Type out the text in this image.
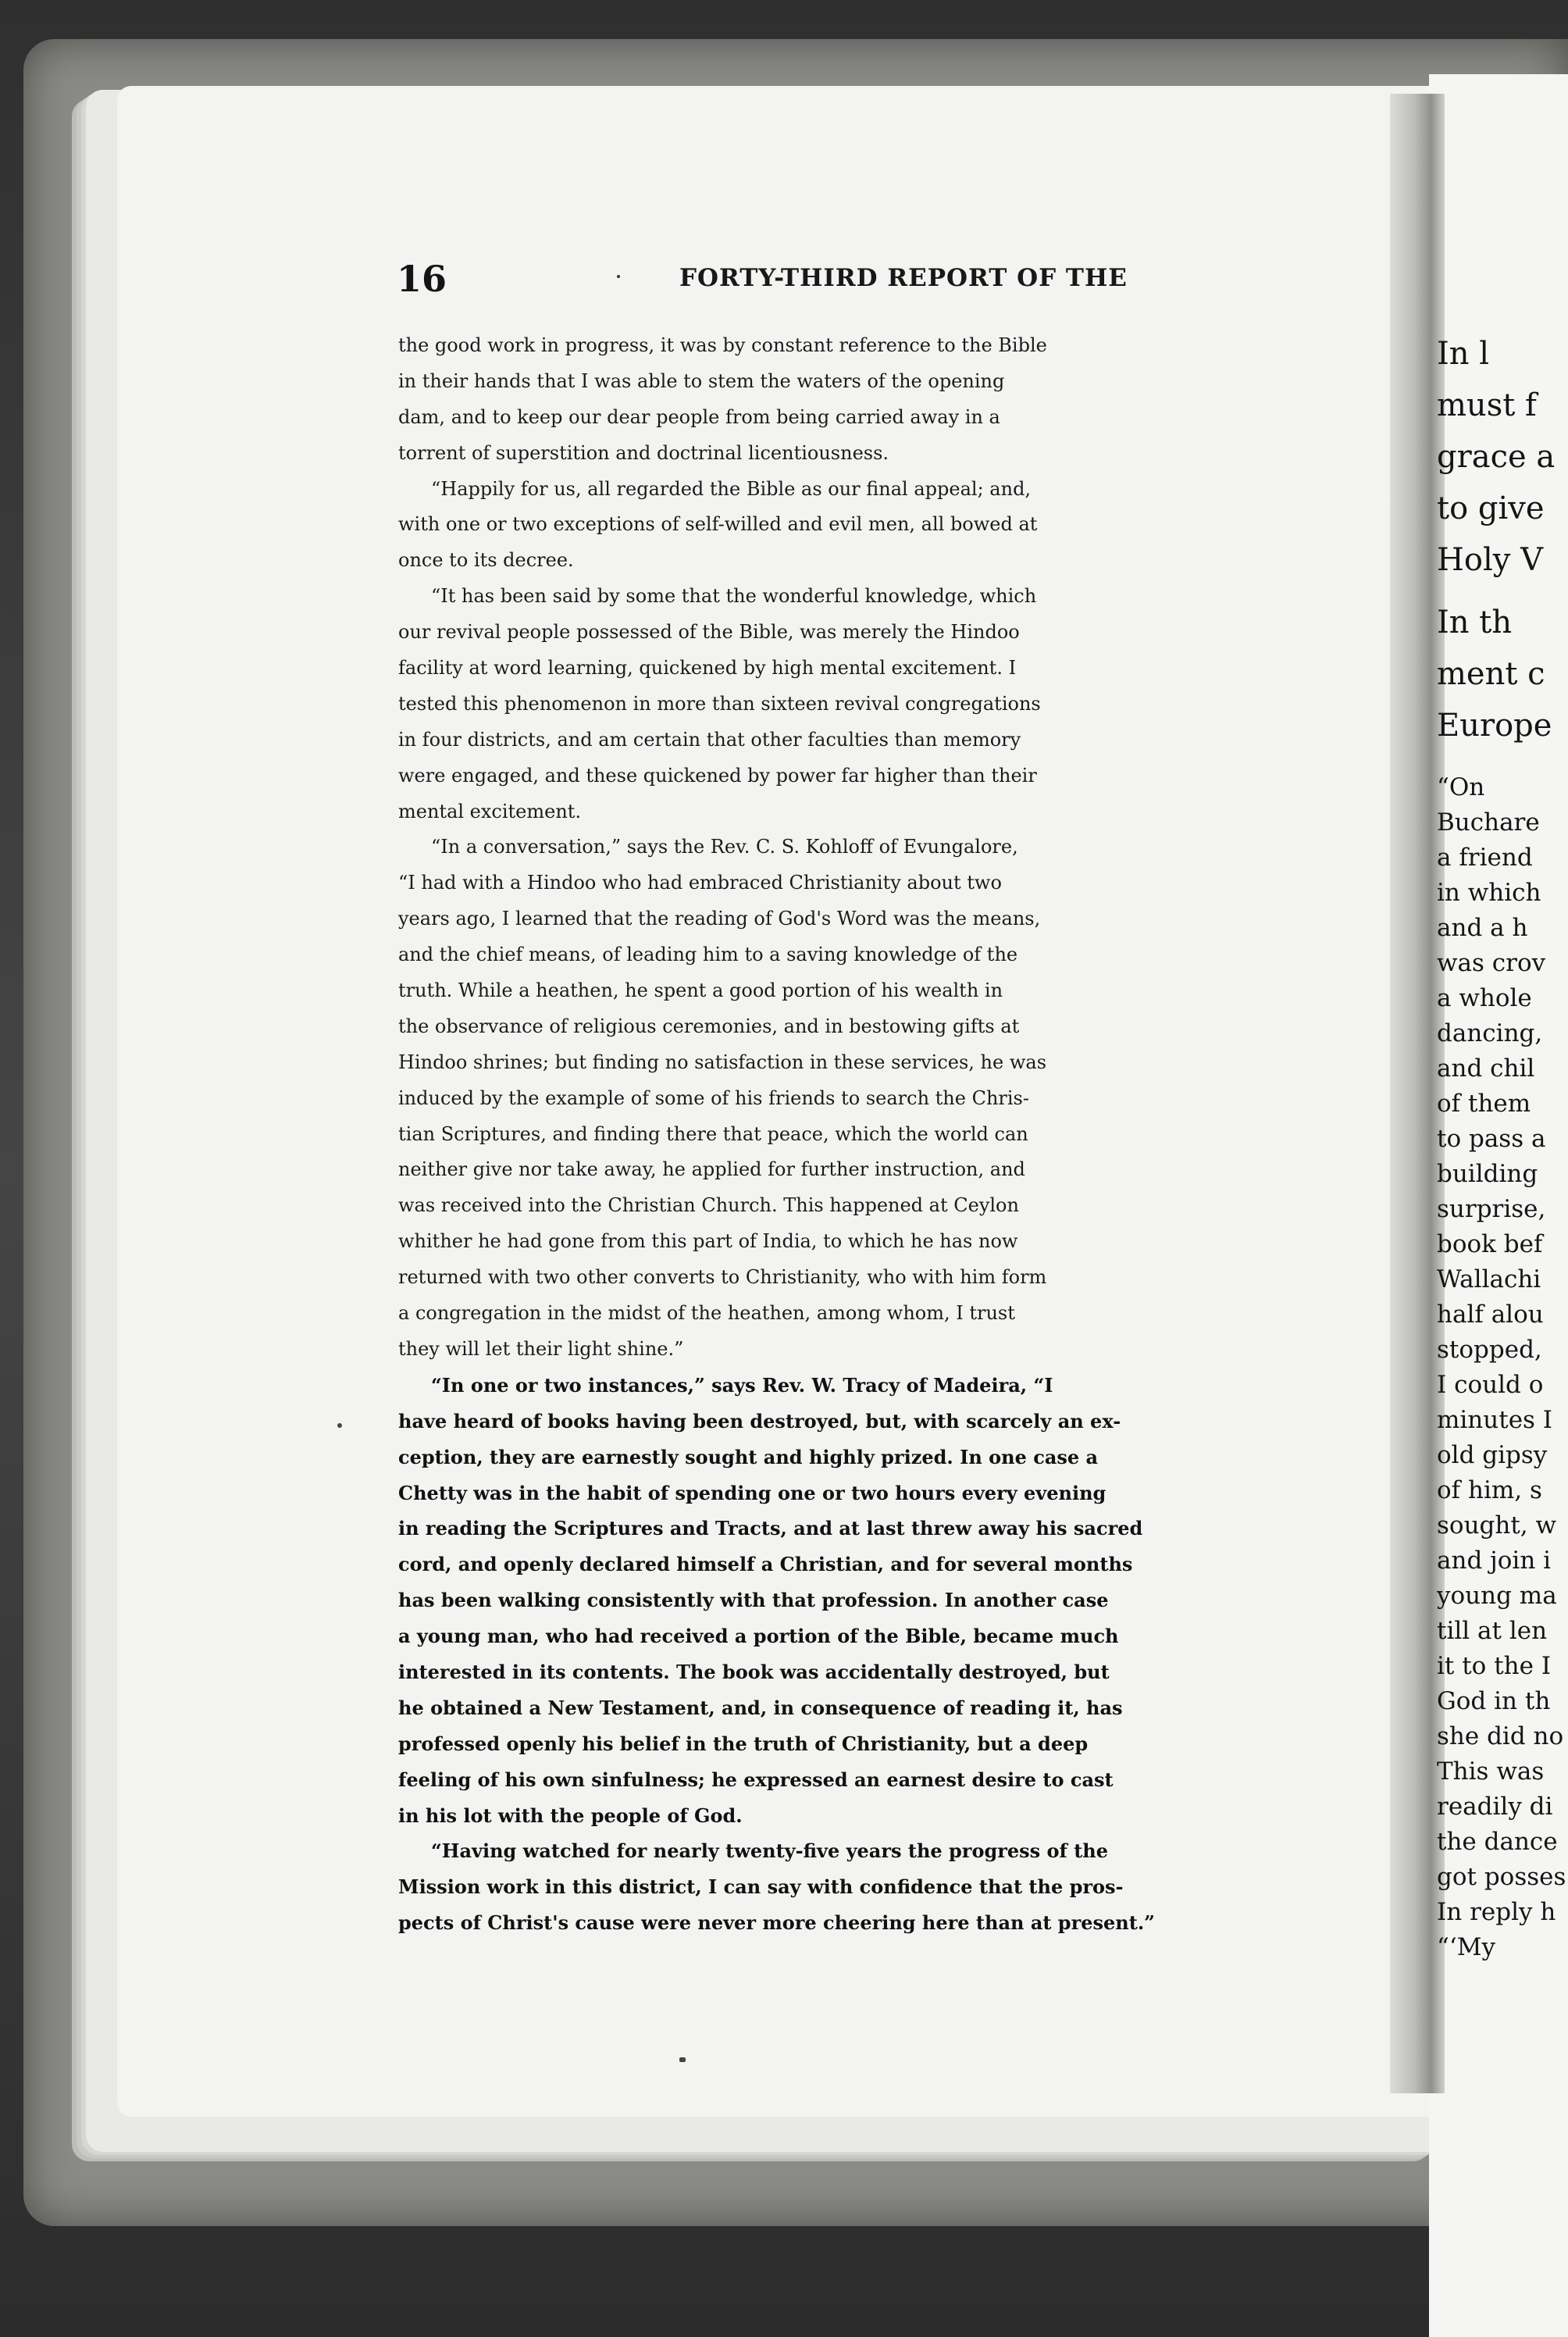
16	FORTY-THIRD REPORT OF THE
the good work in progress, it was by constant reference to the Bible
in their hands that I was able to stem the waters of the opening
dam, and to keep our dear people from being carried away in a
torrent of superstition and doctrinal licentiousness.
“Happily for us, all regarded the Bible as our final appeal; and,
with one or two exceptions of self-willed and evil men, all bowed at
once to its decree.
“It has been said by some that the wonderful knowledge, which
our revival people possessed of the Bible, was merely the Hindoo
facility at word learning, quickened by high mental excitement. I
tested this phenomenon in more than sixteen revival congregations
in four districts, and am certain that other faculties than memory
were engaged, and these quickened by power far higher than their
mental excitement.
“In a conversation,” says the Rev. C. S. Kohloff of Evungalore,
“I had with a Hindoo who had embraced Christianity about two
years ago, I learned that the reading of God's Word was the means,
and the chief means, of leading him to a saving knowledge of the
truth. While a heathen, he spent a good portion of his wealth in
the observance of religious ceremonies, and in bestowing gifts at
Hindoo shrines; but finding no satisfaction in these services, he was
induced by the example of some of his friends to search the Chris-
tian Scriptures, and finding there that peace, which the world can
neither give nor take away, he applied for further instruction, and
was received into the Christian Church. This happened at Ceylon
whither he had gone from this part of India, to which he has now
returned with two other converts to Christianity, who with him form
a congregation in the midst of the heathen, among whom, I trust
they will let their light shine.”
“In one or two instances,” says Rev. W. Tracy of Madeira, “I
have heard of books having been destroyed, but, with scarcely an ex-
ception, they are earnestly sought and highly prized. In one case a
Chetty was in the habit of spending one or two hours every evening
in reading the Scriptures and Tracts, and at last threw away his sacred
cord, and openly declared himself a Christian, and for several months
has been walking consistently with that profession. In another case
a young man, who had received a portion of the Bible, became much
interested in its contents. The book was accidentally destroyed, but
he obtained a New Testament, and, in consequence of reading it, has
professed openly his belief in the truth of Christianity, but a deep
feeling of his own sinfulness; he expressed an earnest desire to cast
in his lot with the people of God.
“Having watched for nearly twenty-five years the progress of the
Mission work in this district, I can say with confidence that the pros-
pects of Christ's cause were never more cheering here than at present.”
In l
must f
grace a
to give
Holy V
In th
ment c
Europe
“On
Buchare
a friend
in which
and a h
was crov
a whole
dancing,
and chil
of them
to pass a
building
surprise,
book bef
Wallachi
half alou
stopped,
I could o
minutes I
old gipsy
of him, s
sought, w
and join i
young ma
till at len
it to the I
God in th
she did no
This was
readily di
the dance
got posses
In reply h
“‘My
